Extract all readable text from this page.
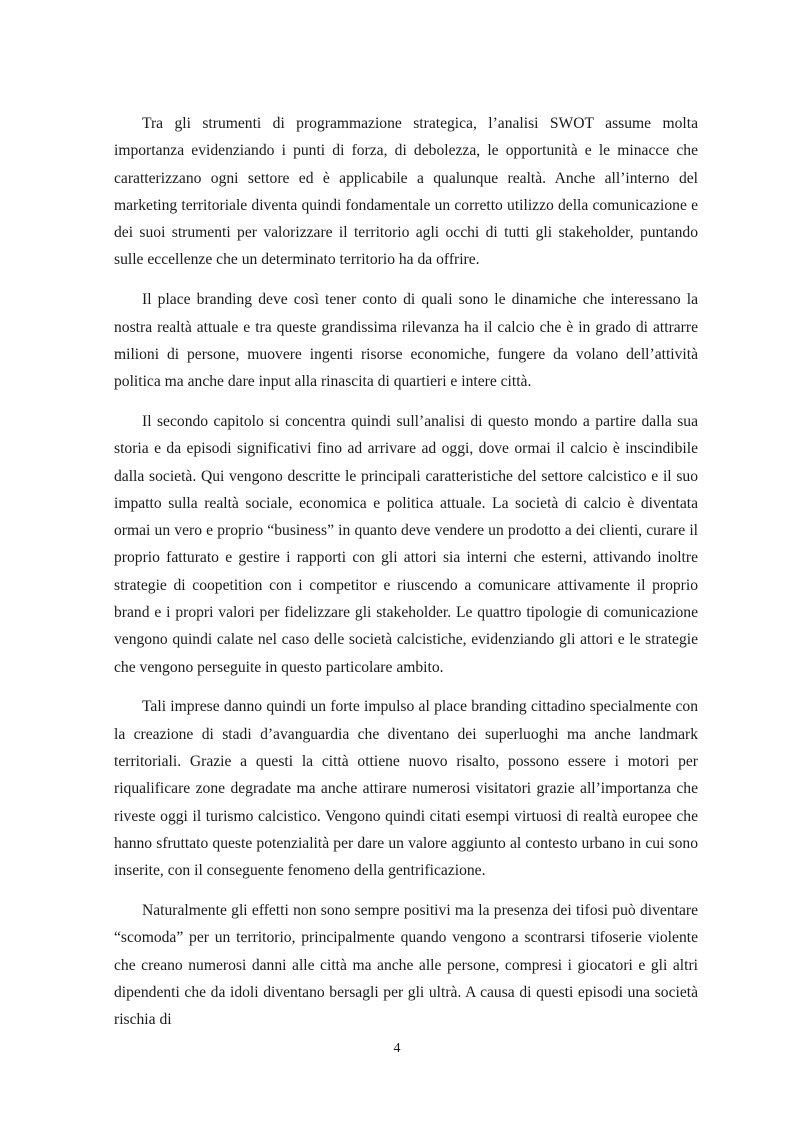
Tra gli strumenti di programmazione strategica, l’analisi SWOT assume molta importanza evidenziando i punti di forza, di debolezza, le opportunità e le minacce che caratterizzano ogni settore ed è applicabile a qualunque realtà. Anche all’interno del marketing territoriale diventa quindi fondamentale un corretto utilizzo della comunicazione e dei suoi strumenti per valorizzare il territorio agli occhi di tutti gli stakeholder, puntando sulle eccellenze che un determinato territorio ha da offrire.

Il place branding deve così tener conto di quali sono le dinamiche che interessano la nostra realtà attuale e tra queste grandissima rilevanza ha il calcio che è in grado di attrarre milioni di persone, muovere ingenti risorse economiche, fungere da volano dell’attività politica ma anche dare input alla rinascita di quartieri e intere città.

Il secondo capitolo si concentra quindi sull’analisi di questo mondo a partire dalla sua storia e da episodi significativi fino ad arrivare ad oggi, dove ormai il calcio è inscindibile dalla società. Qui vengono descritte le principali caratteristiche del settore calcistico e il suo impatto sulla realtà sociale, economica e politica attuale. La società di calcio è diventata ormai un vero e proprio “business” in quanto deve vendere un prodotto a dei clienti, curare il proprio fatturato e gestire i rapporti con gli attori sia interni che esterni, attivando inoltre strategie di coopetition con i competitor e riuscendo a comunicare attivamente il proprio brand e i propri valori per fidelizzare gli stakeholder. Le quattro tipologie di comunicazione vengono quindi calate nel caso delle società calcistiche, evidenziando gli attori e le strategie che vengono perseguite in questo particolare ambito.

Tali imprese danno quindi un forte impulso al place branding cittadino specialmente con la creazione di stadi d’avanguardia che diventano dei superluoghi ma anche landmark territoriali. Grazie a questi la città ottiene nuovo risalto, possono essere i motori per riqualificare zone degradate ma anche attirare numerosi visitatori grazie all’importanza che riveste oggi il turismo calcistico. Vengono quindi citati esempi virtuosi di realtà europee che hanno sfruttato queste potenzialità per dare un valore aggiunto al contesto urbano in cui sono inserite, con il conseguente fenomeno della gentrificazione.

Naturalmente gli effetti non sono sempre positivi ma la presenza dei tifosi può diventare “scomoda” per un territorio, principalmente quando vengono a scontrarsi tifoserie violente che creano numerosi danni alle città ma anche alle persone, compresi i giocatori e gli altri dipendenti che da idoli diventano bersagli per gli ultrà. A causa di questi episodi una società rischia di

4
